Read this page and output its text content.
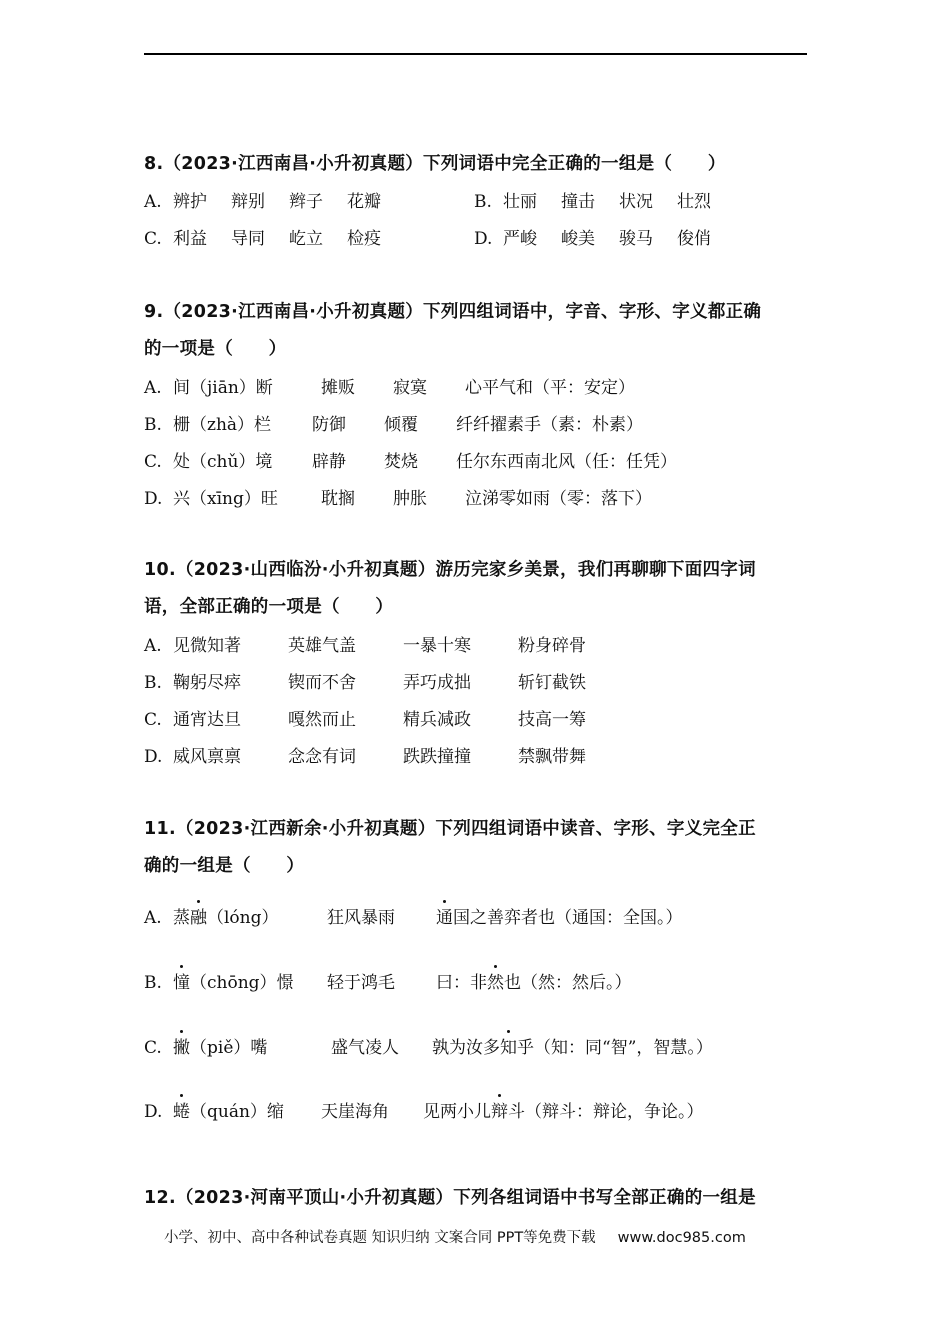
8.（2023·江西南昌·小升初真题）下列词语中完全正确的一组是（　　）
A. 辨护 辩别 辫子 花瓣	B. 壮丽 撞击 状况 壮烈
C. 利益 导同 屹立 检疫	D. 严峻 峻美 骏马 俊俏
9.（2023·江西南昌·小升初真题）下列四组词语中，字音、字形、字义都正确
的一项是（　　）
A. 间（jiān）断	摊贩 寂寞 心平气和（平：安定）
B. 栅（zhà）栏 防御 倾覆 纤纤擢素手（素：朴素）
C. 处（chǔ）境 辟静 焚烧 任尔东西南北风（任：任凭）
D. 兴（xīng）旺	耽搁 肿胀 泣涕零如雨（零：落下）
10.（2023·山西临汾·小升初真题）游历完家乡美景，我们再聊聊下面四字词
语，全部正确的一项是（　　）
A. 见微知著	英雄气盖	一暴十寒	粉身碎骨
B. 鞠躬尽瘁	锲而不舍	弄巧成拙	斩钉截铁
C. 通宵达旦	嘎然而止	精兵减政	技高一筹
D. 威风禀禀	念念有词	跌跌撞撞	禁飘带舞
11.（2023·江西新余·小升初真题）下列四组词语中读音、字形、字义完全正
确的一组是（　　）
A. 蒸融（lóng）	狂风暴雨 通国之善弈者也（通国：全国。）
B. 憧（chōng）憬 轻于鸿毛 曰：非然也（然：然后。）
C. 撇（piě）嘴	盛气凌人 孰为汝多知乎（知：同“智”，智慧。）
D. 蜷（quán）缩 天崖海角 见两小儿辩斗（辩斗：辩论，争论。）
12.（2023·河南平顶山·小升初真题）下列各组词语中书写全部正确的一组是
小学、初中、高中各种试卷真题 知识归纳 文案合同 PPT等免费下载 www.doc985.com
